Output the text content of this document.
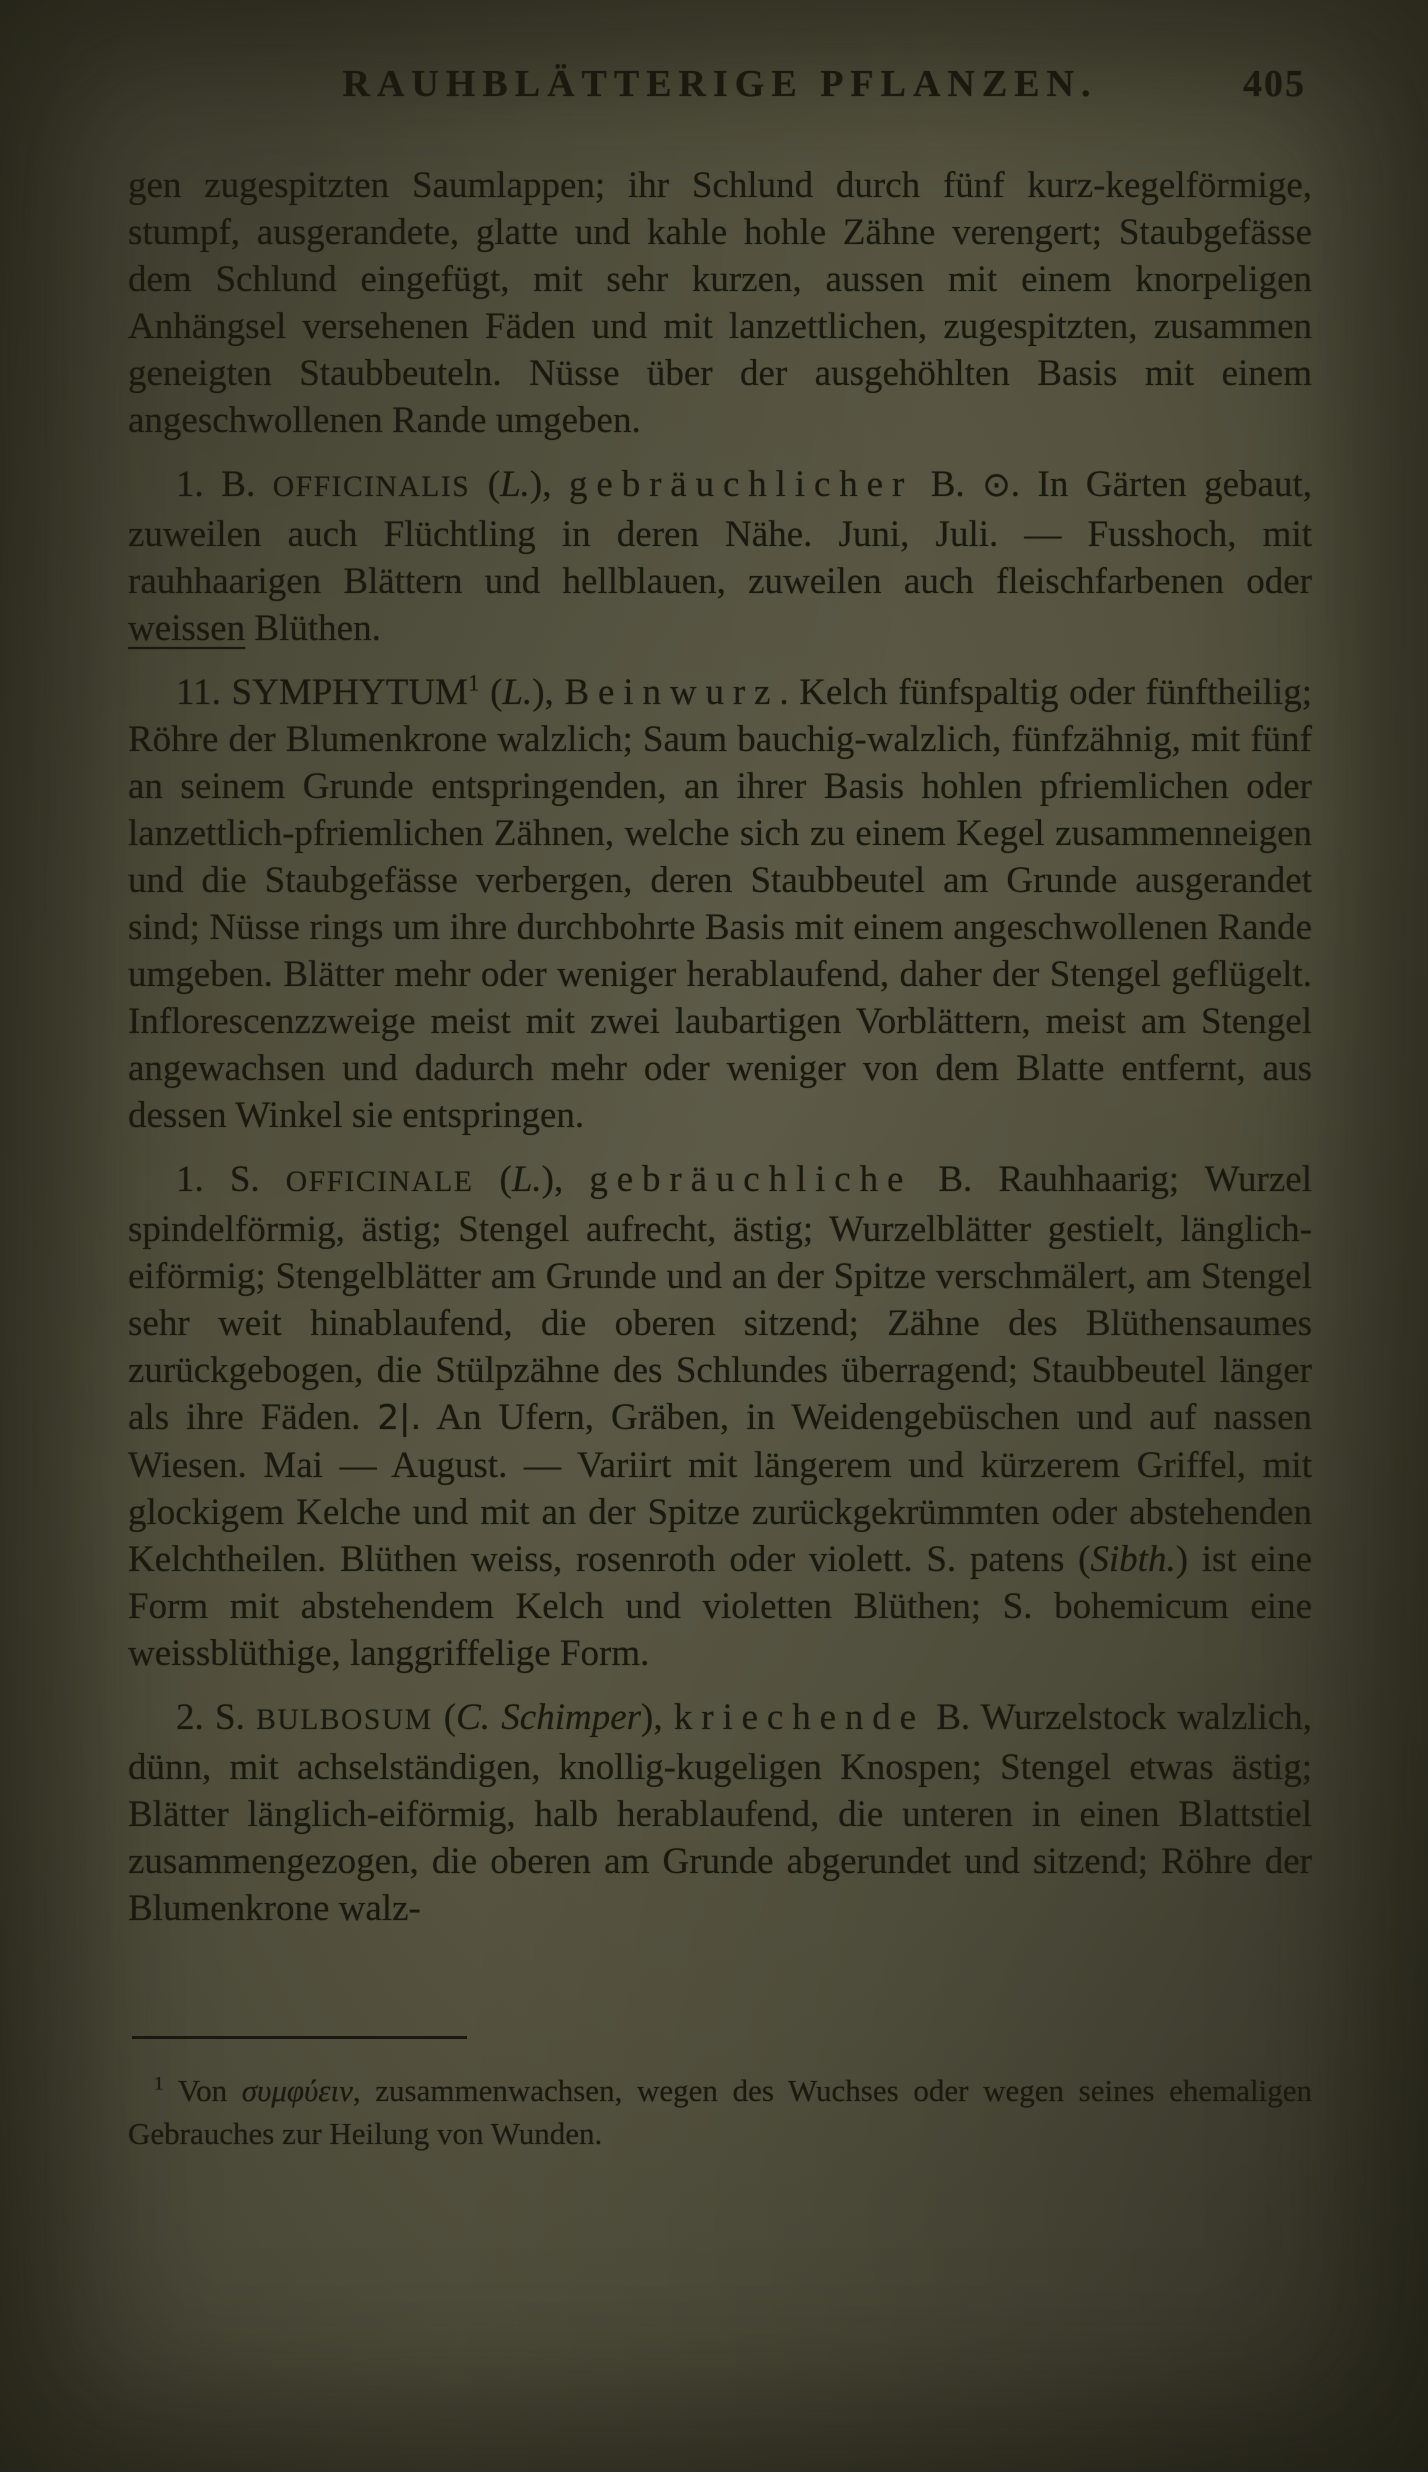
RAUHBLÄTTERIGE PFLANZEN.	405

gen zugespitzten Saumlappen; ihr Schlund durch fünf kurz-kegelförmige, stumpf, ausgerandete, glatte und kahle hohle Zähne verengert; Staubgefässe dem Schlund eingefügt, mit sehr kurzen, aussen mit einem knorpeligen Anhängsel versehenen Fäden und mit lanzettlichen, zugespitzten, zusammen geneigten Staubbeuteln. Nüsse über der ausgehöhlten Basis mit einem angeschwollenen Rande umgeben.

1. B. OFFICINALIS (L.), gebräuchlicher B. ⊙. In Gärten gebaut, zuweilen auch Flüchtling in deren Nähe. Juni, Juli. — Fusshoch, mit rauhhaarigen Blättern und hellblauen, zuweilen auch fleischfarbenen oder weissen Blüthen.

11. SYMPHYTUM$^1$ (L.), Beinwurz. Kelch fünfspaltig oder fünftheilig; Röhre der Blumenkrone walzlich; Saum bauchig-walzlich, fünfzähnig, mit fünf an seinem Grunde entspringenden, an ihrer Basis hohlen pfriemlichen oder lanzettlich-pfriemlichen Zähnen, welche sich zu einem Kegel zusammenneigen und die Staubgefässe verbergen, deren Staubbeutel am Grunde ausgerandet sind; Nüsse rings um ihre durchbohrte Basis mit einem angeschwollenen Rande umgeben. Blätter mehr oder weniger herablaufend, daher der Stengel geflügelt. Inflorescenzzweige meist mit zwei laubartigen Vorblättern, meist am Stengel angewachsen und dadurch mehr oder weniger von dem Blatte entfernt, aus dessen Winkel sie entspringen.

1. S. OFFICINALE (L.), gebräuchliche B. Rauhhaarig; Wurzel spindelförmig, ästig; Stengel aufrecht, ästig; Wurzelblätter gestielt, länglich-eiförmig; Stengelblätter am Grunde und an der Spitze verschmälert, am Stengel sehr weit hinablaufend, die oberen sitzend; Zähne des Blüthensaumes zurückgebogen, die Stülpzähne des Schlundes überragend; Staubbeutel länger als ihre Fäden. 2|. An Ufern, Gräben, in Weidengebüschen und auf nassen Wiesen. Mai — August. — Variirt mit längerem und kürzerem Griffel, mit glockigem Kelche und mit an der Spitze zurückgekrümmten oder abstehenden Kelchtheilen. Blüthen weiss, rosenroth oder violett. S. patens (Sibth.) ist eine Form mit abstehendem Kelch und violetten Blüthen; S. bohemicum eine weissblüthige, langgriffelige Form.

2. S. BULBOSUM (C. Schimper), kriechende B. Wurzelstock walzlich, dünn, mit achselständigen, knollig-kugeligen Knospen; Stengel etwas ästig; Blätter länglich-eiförmig, halb herablaufend, die unteren in einen Blattstiel zusammengezogen, die oberen am Grunde abgerundet und sitzend; Röhre der Blumenkrone walz-

$^1$ Von συμφύειν, zusammenwachsen, wegen des Wuchses oder wegen seines ehemaligen Gebrauches zur Heilung von Wunden.
